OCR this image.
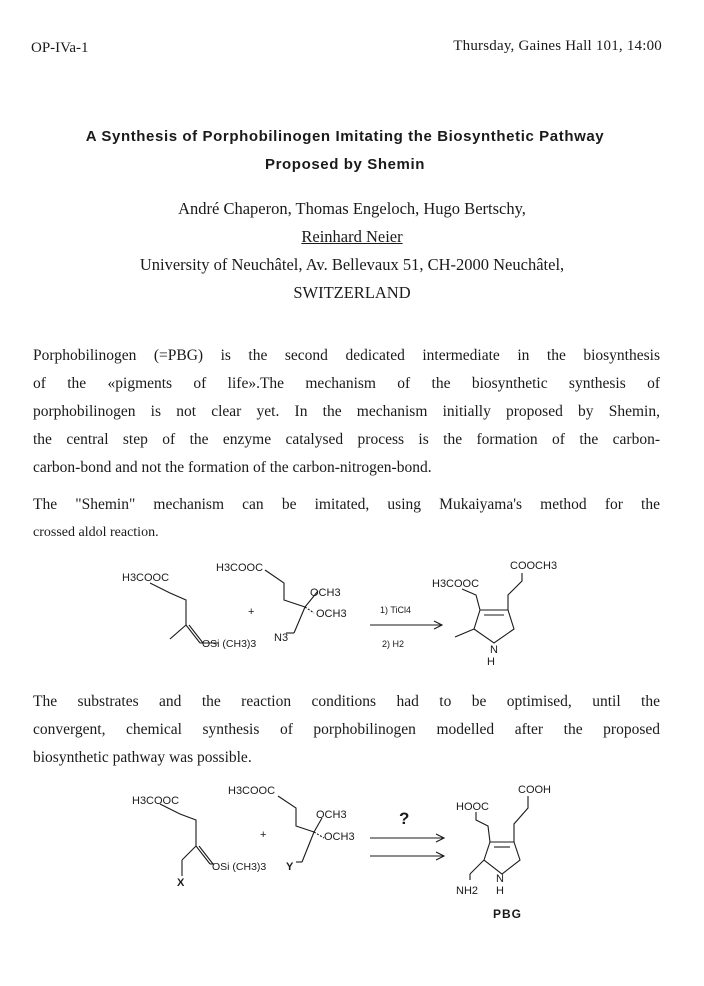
OP-IVa-1	Thursday, Gaines Hall 101, 14:00
A Synthesis of Porphobilinogen Imitating the Biosynthetic Pathway
Proposed by Shemin
André Chaperon, Thomas Engeloch, Hugo Bertschy,
Reinhard Neier
University of Neuchâtel, Av. Bellevaux 51, CH-2000 Neuchâtel,
SWITZERLAND
Porphobilinogen (=PBG) is the second dedicated intermediate in the biosynthesis
of the «pigments of life».The mechanism of the biosynthetic synthesis of
porphobilinogen is not clear yet. In the mechanism initially proposed by Shemin,
the central step of the enzyme catalysed process is the formation of the carbon-
carbon-bond and not the formation of the carbon-nitrogen-bond.
The "Shemin" mechanism can be imitated, using Mukaiyama's method for the
crossed aldol reaction.
H3COOC
OSi (CH3)3
+
H3COOC
OCH3
OCH3
N3
1) TiCl4
2) H2
COOCH3
H3COOC
N
H
The substrates and the reaction conditions had to be optimised, until the
convergent, chemical synthesis of porphobilinogen modelled after the proposed
biosynthetic pathway was possible.
H3COOC
OSi (CH3)3
X
+
H3COOC
OCH3
OCH3
Y
?
COOH
HOOC
N
H
NH2
PBG
